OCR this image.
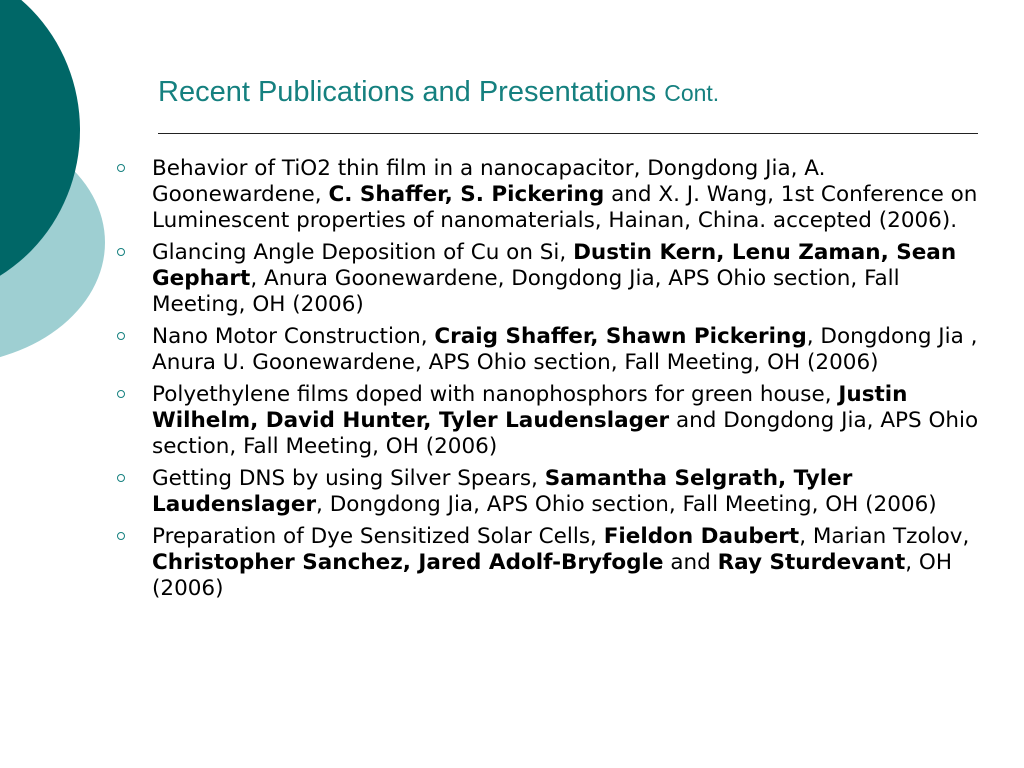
Recent Publications and Presentations Cont.
Behavior of TiO2 thin film in a nanocapacitor, Dongdong Jia, A. Goonewardene, C. Shaffer, S. Pickering and X. J. Wang, 1st Conference on Luminescent properties of nanomaterials, Hainan, China. accepted (2006).
Glancing Angle Deposition of Cu on Si, Dustin Kern, Lenu Zaman, Sean Gephart, Anura Goonewardene, Dongdong Jia, APS Ohio section, Fall Meeting, OH (2006)
Nano Motor Construction, Craig Shaffer, Shawn Pickering, Dongdong Jia , Anura U. Goonewardene, APS Ohio section, Fall Meeting, OH (2006)
Polyethylene films doped with nanophosphors for green house, Justin Wilhelm, David Hunter, Tyler Laudenslager and Dongdong Jia, APS Ohio section, Fall Meeting, OH (2006)
Getting DNS by using Silver Spears, Samantha Selgrath, Tyler Laudenslager, Dongdong Jia, APS Ohio section, Fall Meeting, OH (2006)
Preparation of Dye Sensitized Solar Cells, Fieldon Daubert, Marian Tzolov, Christopher Sanchez, Jared Adolf-Bryfogle and Ray Sturdevant, OH (2006)
